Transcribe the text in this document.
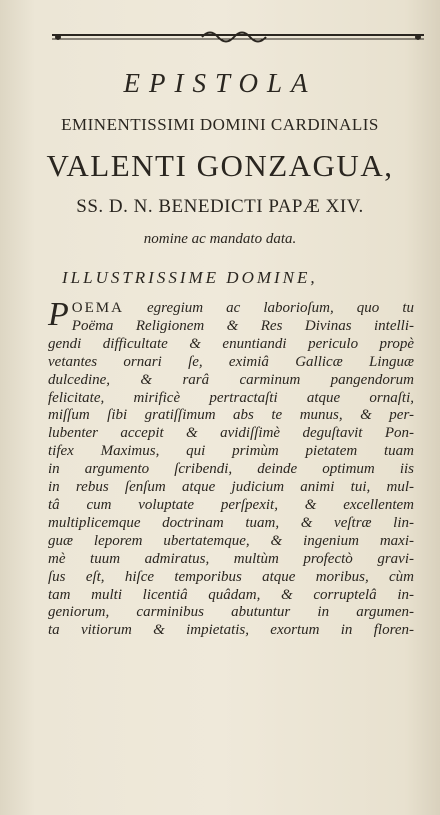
EPISTOLA
EMINENTISSIMI DOMINI CARDINALIS
VALENTI GONZAGUA,
SS. D. N. BENEDICTI PAPÆ XIV.
nomine ac mandato data.
ILLUSTRISSIME DOMINE,
P OEMA egregium ac laborioſum, quo tu
Poëma Religionem & Res Divinas intelli-
gendi difficultate & enuntiandi periculo propè
vetantes ornari ſe, eximiâ Gallicæ Linguæ
dulcedine, & rarâ carminum pangendorum
felicitate, mirificè pertractaſti atque ornaſti,
miſſum ſibi gratiſſimum abs te munus, & per-
lubenter accepit & avidiſſimè deguſtavit Pon-
tifex Maximus, qui primùm pietatem tuam
in argumento ſcribendi, deinde optimum iis
in rebus ſenſum atque judicium animi tui, mul-
tâ cum voluptate perſpexit, & excellentem
multiplicemque doctrinam tuam, & veſtræ lin-
guæ leporem ubertatemque, & ingenium maxi-
mè tuum admiratus, multùm profectò gravi-
ſus eſt, hiſce temporibus atque moribus, cùm
tam multi licentiâ quâdam, & corruptelâ in-
geniorum, carminibus abutuntur in argumen-
ta vitiorum & impietatis, exortum in floren-
